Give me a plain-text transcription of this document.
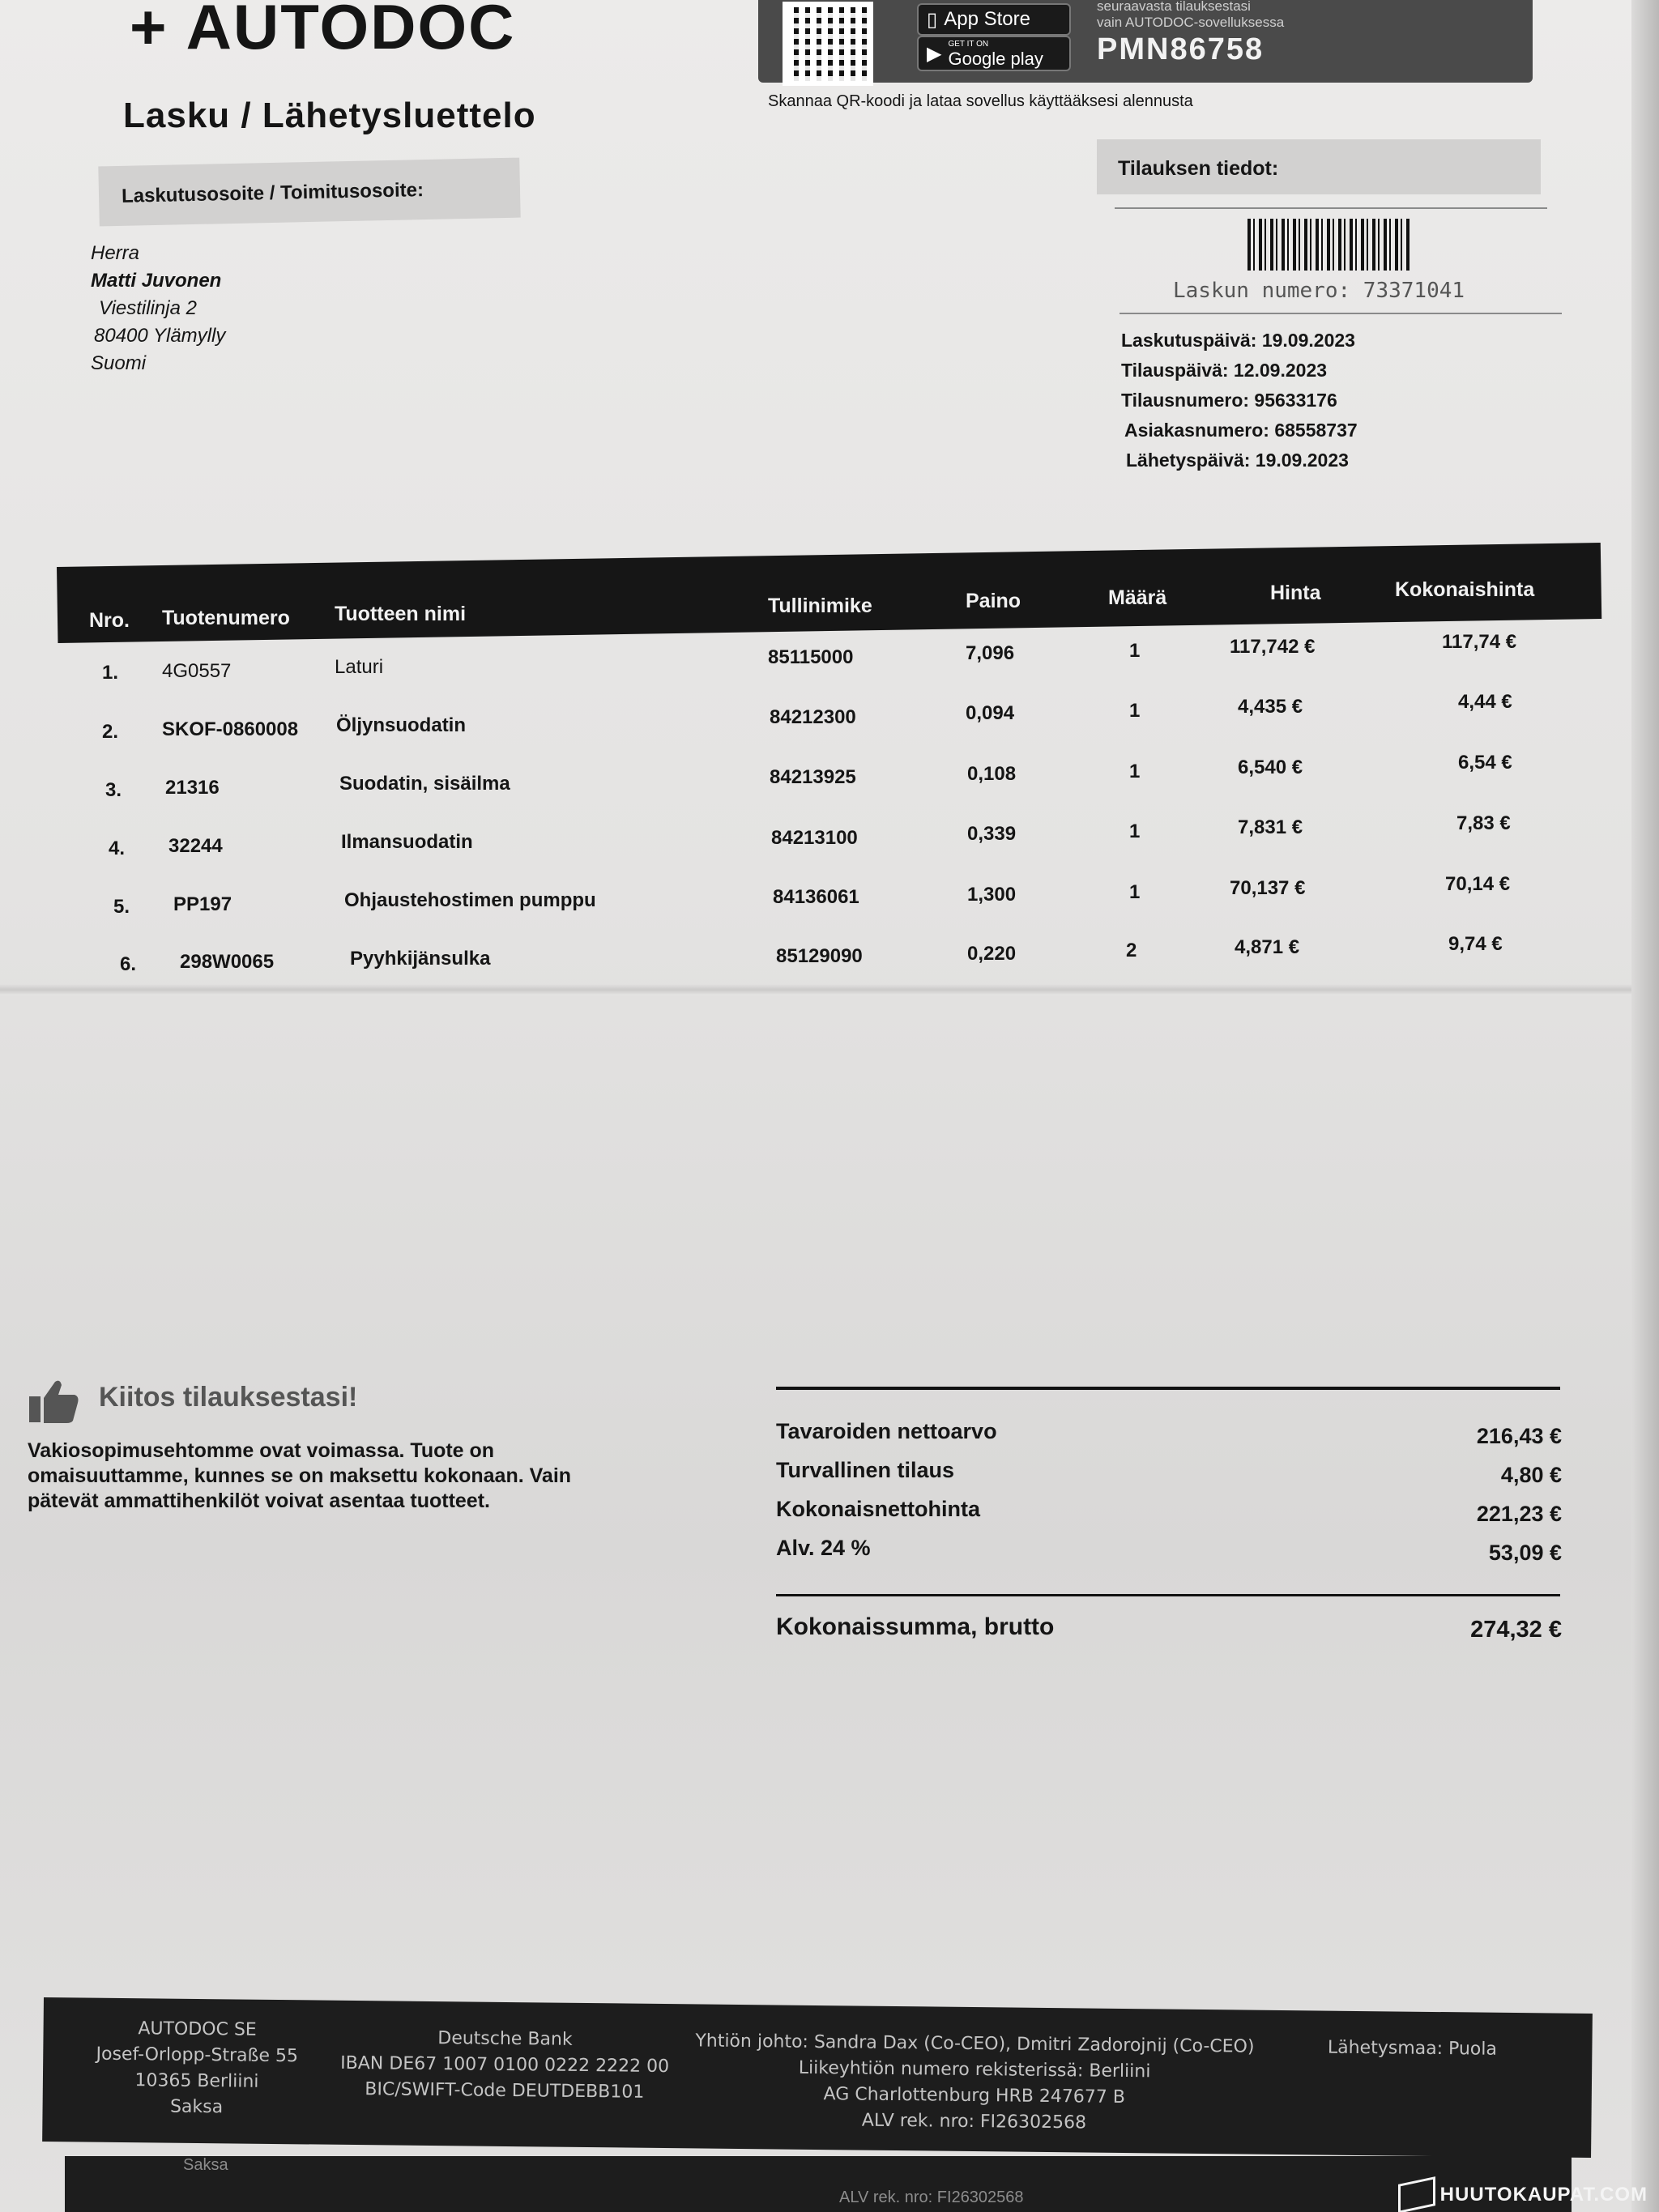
+ AUTODOC	▯ App Store
▶ GET IT ON
Google play
seuraavasta tilauksestasi
vain AUTODOC-sovelluksessa
PMN86758
Skannaa QR-koodi ja lataa sovellus käyttääksesi alennusta
Lasku / Lähetysluettelo
Laskutusosoite / Toimitusosoite:
Herra
Matti Juvonen
Viestilinja 2
80400 Ylämylly
Suomi
Tilauksen tiedot:
Laskun numero: 73371041
Laskutuspäivä: 19.09.2023
Tilauspäivä: 12.09.2023
Tilausnumero: 95633176
Asiakasnumero: 68558737
Lähetyspäivä: 19.09.2023
Nro. Tuotenumero Tuotteen nimi	Tullinimike	Paino	Määrä	Hinta	Kokonaishinta
1. 4G0557	Laturi	85115000	7,096	1	117,742 €	117,74 €
2. SKOF-0860008 Öljynsuodatin	84212300	0,094	1	4,435 €	4,44 €
3. 21316	Suodatin, sisäilma	84213925	0,108	1	6,540 €	6,54 €
4. 32244	Ilmansuodatin	84213100	0,339	1	7,831 €	7,83 €
5. PP197	Ohjaustehostimen pumppu	84136061	1,300	1	70,137 €	70,14 €
6. 298W0065	Pyyhkijänsulka	85129090	0,220	2	4,871 €	9,74 €
Kiitos tilauksestasi!
Vakiosopimusehtomme ovat voimassa. Tuote on omaisuuttamme, kunnes se on maksettu kokonaan. Vain pätevät ammattihenkilöt voivat asentaa tuotteet.
Tavaroiden nettoarvo	216,43 €
Turvallinen tilaus	4,80 €
Kokonaisnettohinta	221,23 €
Alv. 24 %	53,09 €
Kokonaissumma, brutto	274,32 €
AUTODOC SE
Josef-Orlopp-Straße 55
10365 Berliini
Saksa
Deutsche Bank
IBAN DE67 1007 0100 0222 2222 00
BIC/SWIFT-Code DEUTDEBB101
Yhtiön johto: Sandra Dax (Co-CEO), Dmitri Zadorojnij (Co-CEO)
Liikeyhtiön numero rekisterissä: Berliini
AG Charlottenburg HRB 247677 B
ALV rek. nro: FI26302568
Lähetysmaa: Puola
Saksa
ALV rek. nro: FI26302568	HUUTOKAUPAT.COM
